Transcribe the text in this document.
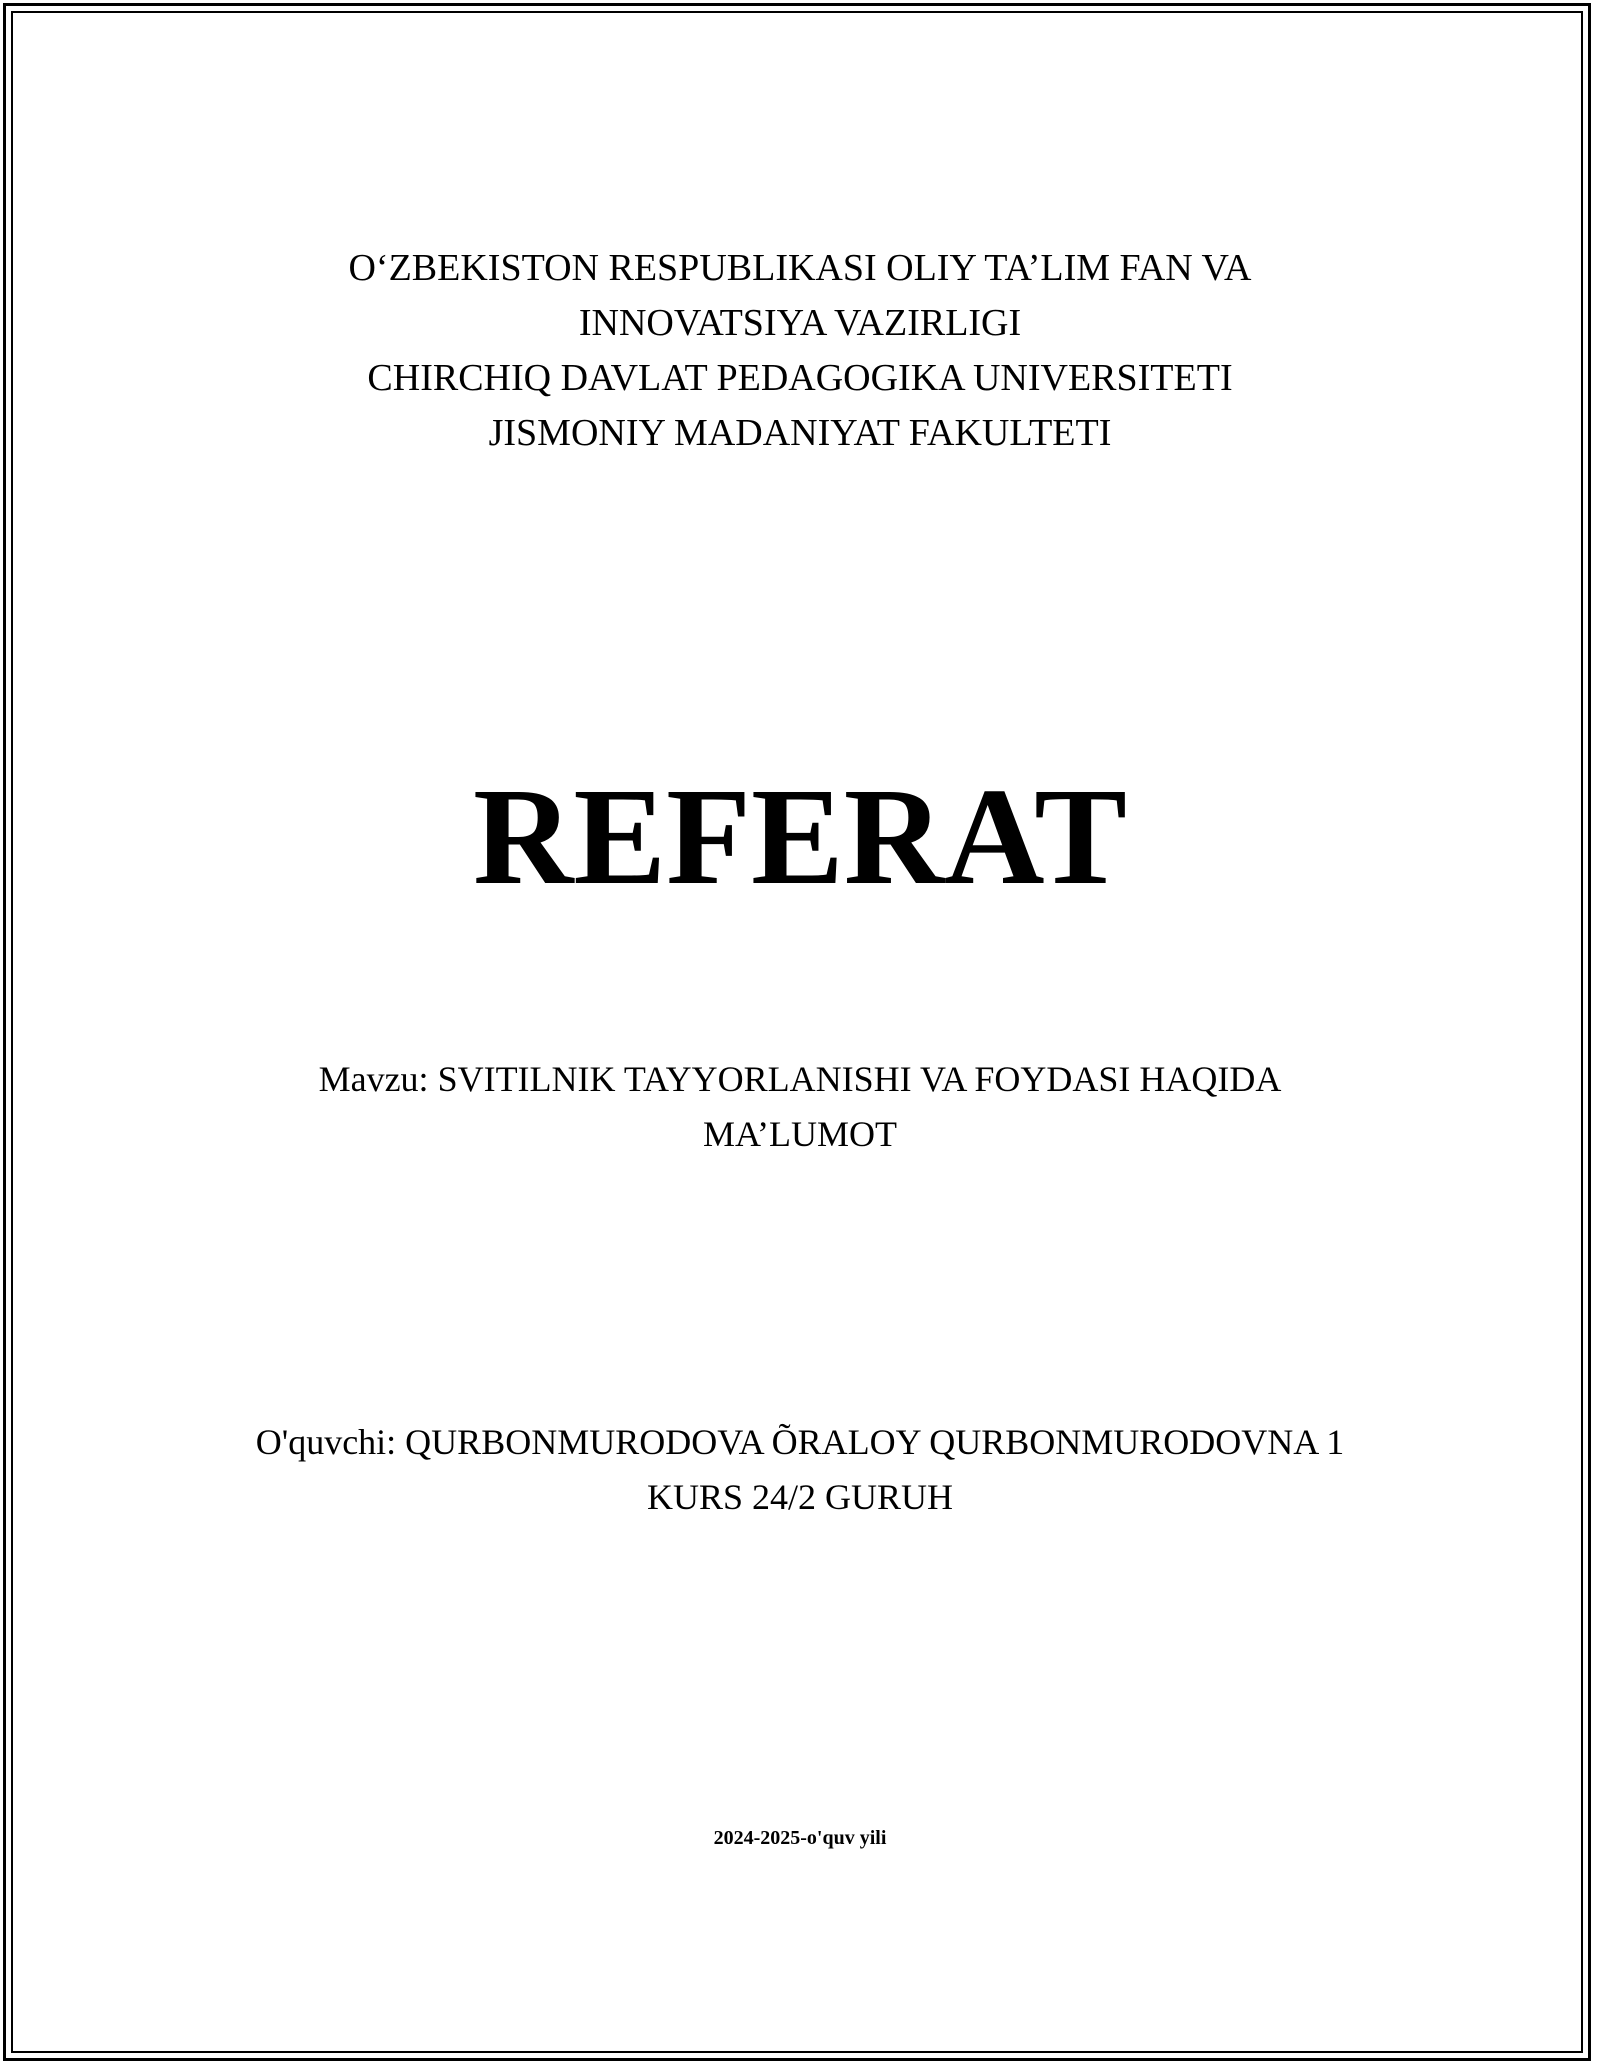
O‘ZBEKISTON RESPUBLIKASI OLIY TA’LIM FAN VA
INNOVATSIYA VAZIRLIGI
CHIRCHIQ DAVLAT PEDAGOGIKA UNIVERSITETI
JISMONIY MADANIYAT FAKULTETI
REFERAT
Mavzu: SVITILNIK TAYYORLANISHI VA FOYDASI HAQIDA
MA’LUMOT
O'quvchi: QURBONMURODOVA ÕRALOY QURBONMURODOVNA 1
KURS 24/2 GURUH
2024-2025-o'quv yili
